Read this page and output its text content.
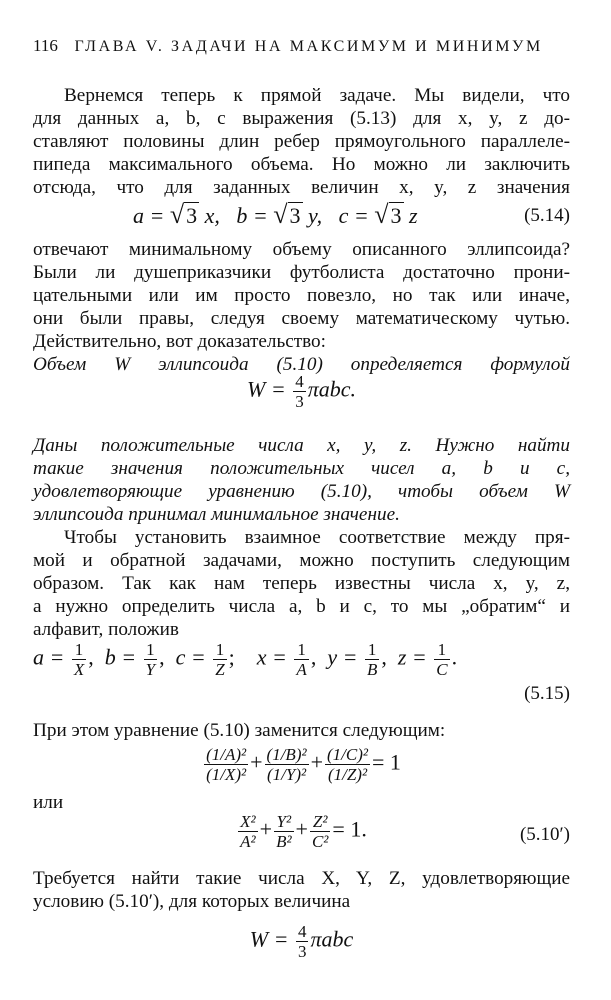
116 ГЛАВА V. ЗАДАЧИ НА МАКСИМУМ И МИНИМУМ
Вернемся теперь к прямой задаче. Мы видели, что
для данных a, b, c выражения (5.13) для x, y, z до-
ставляют половины длин ребер прямоугольного параллеле-
пипеда максимального объема. Но можно ли заключить
отсюда, что для заданных величин x, y, z значения
a = √3 x, b = √3 y, c = √3 z	(5.14)
отвечают минимальному объему описанного эллипсоида?
Были ли душеприказчики футболиста достаточно прони-
цательными или им просто повезло, но так или иначе,
они были правы, следуя своему математическому чутью.
Действительно, вот доказательство:
Объем W эллипсоида (5.10) определяется формулой
$W = \frac{4}{3} \pi abc$.
Даны положительные числа x, y, z. Нужно найти
такие значения положительных чисел a, b и c,
удовлетворяющие уравнению (5.10), чтобы объем W
эллипсоида принимал минимальное значение.
Чтобы установить взаимное соответствие между пря-
мой и обратной задачами, можно поступить следующим
образом. Так как нам теперь известны числа x, y, z,
а нужно определить числа a, b и c, то мы „обратим“ и
алфавит, положив
$a = \frac{1}{X}$ , $b = \frac{1}{Y}$ , $c = \frac{1}{Z}$ ; $x = \frac{1}{A}$ , $y = \frac{1}{B}$ , $z = \frac{1}{C}$ .
(5.15)
При этом уравнение (5.10) заменится следующим:
$\frac{\text{(1/A)²}}{\text{(1/X)²}} + \frac{\text{(1/B)²}}{\text{(1/Y)²}} + \frac{\text{(1/C)²}}{\text{(1/Z)²}} = 1$
или
$\frac{\text{X²}}{\text{A²}} + \frac{\text{Y²}}{\text{B²}} + \frac{\text{Z²}}{\text{C²}} = 1$.	(5.10′)
Требуется найти такие числа X, Y, Z, удовлетворяющие
условию (5.10′), для которых величина
$W = \frac{4}{3}$ πabc
